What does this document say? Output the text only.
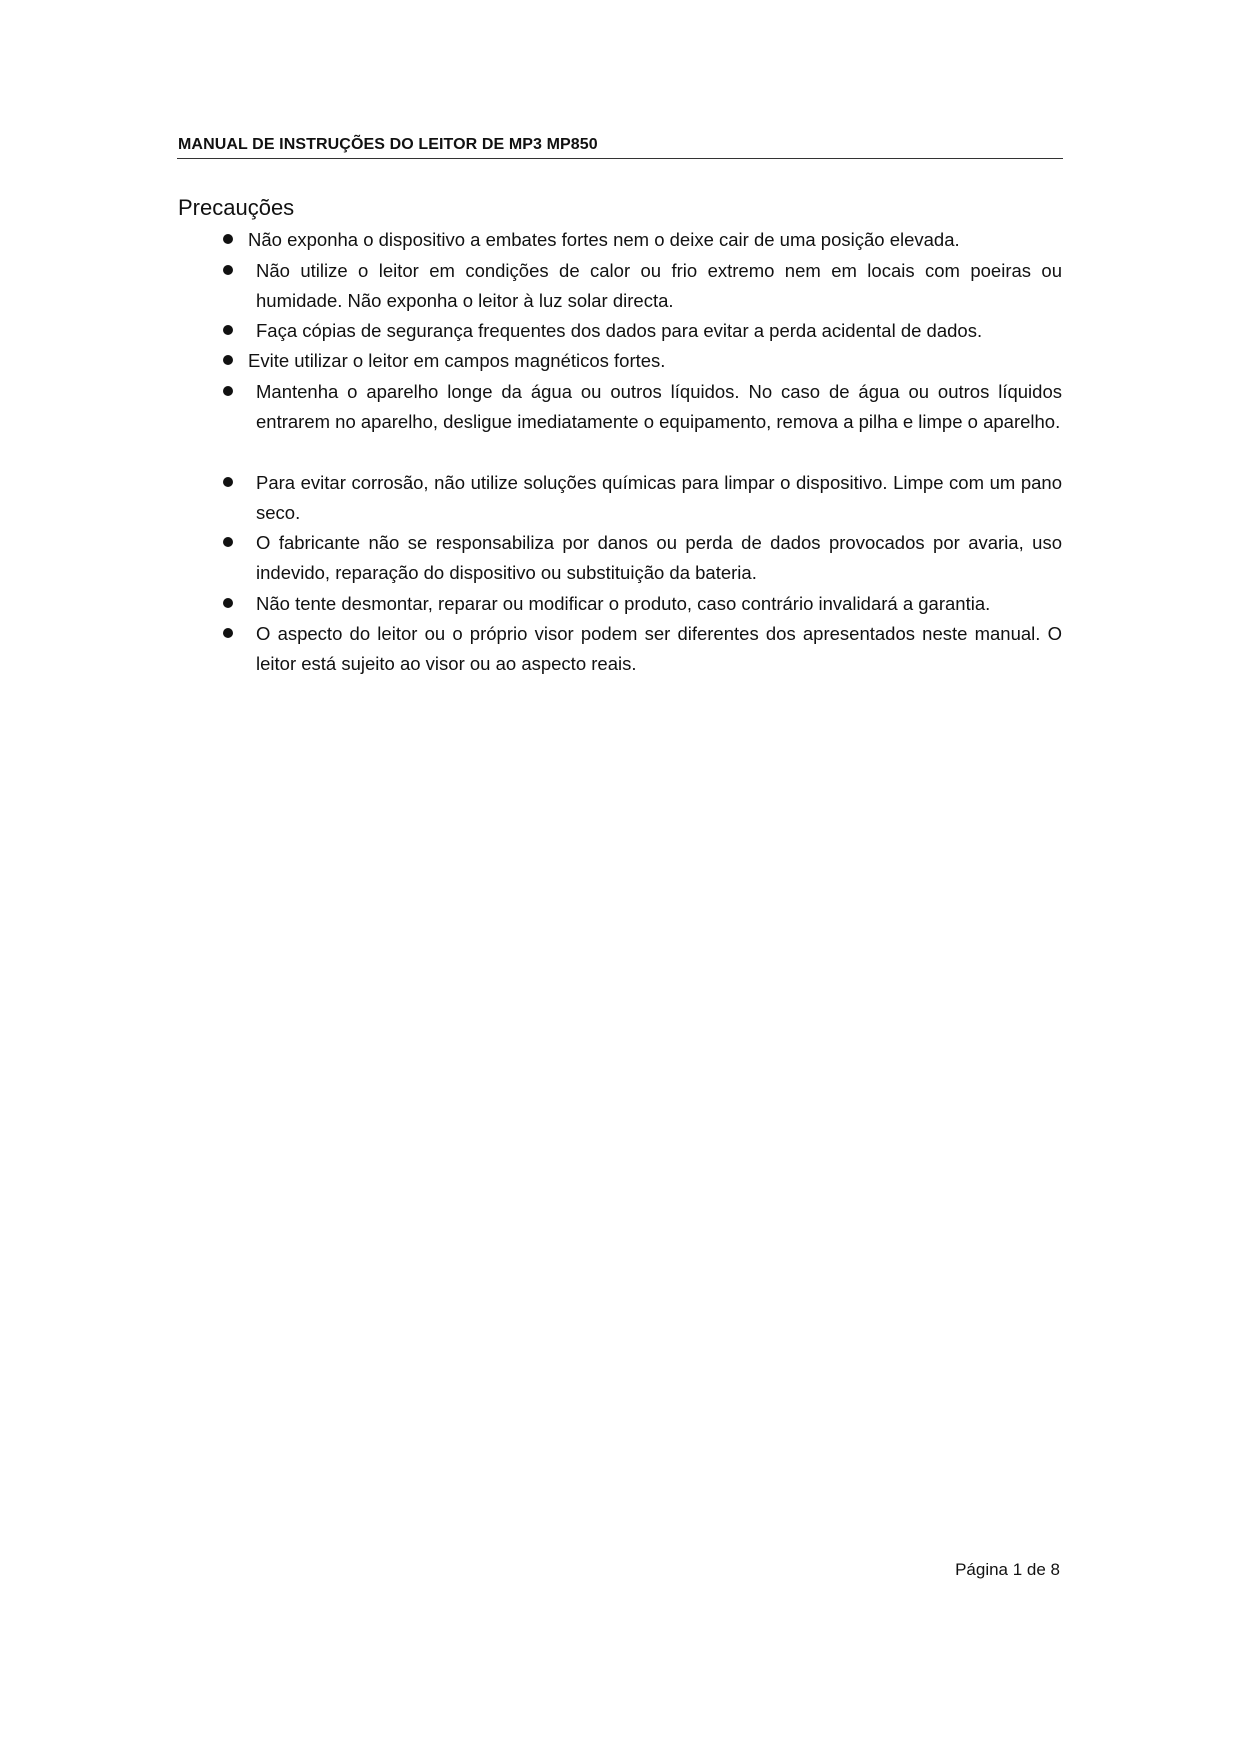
MANUAL DE INSTRUÇÕES DO LEITOR DE MP3 MP850
Precauções
Não exponha o dispositivo a embates fortes nem o deixe cair de uma posição elevada.
Não utilize o leitor em condições de calor ou frio extremo nem em locais com poeiras ou humidade. Não exponha o leitor à luz solar directa.
Faça cópias de segurança frequentes dos dados para evitar a perda acidental de dados.
Evite utilizar o leitor em campos magnéticos fortes.
Mantenha o aparelho longe da água ou outros líquidos. No caso de água ou outros líquidos entrarem no aparelho, desligue imediatamente o equipamento, remova a pilha e limpe o aparelho.
Para evitar corrosão, não utilize soluções químicas para limpar o dispositivo. Limpe com um pano seco.
O fabricante não se responsabiliza por danos ou perda de dados provocados por avaria, uso indevido, reparação do dispositivo ou substituição da bateria.
Não tente desmontar, reparar ou modificar o produto, caso contrário invalidará a garantia.
O aspecto do leitor ou o próprio visor podem ser diferentes dos apresentados neste manual. O leitor está sujeito ao visor ou ao aspecto reais.
Página 1 de 8
